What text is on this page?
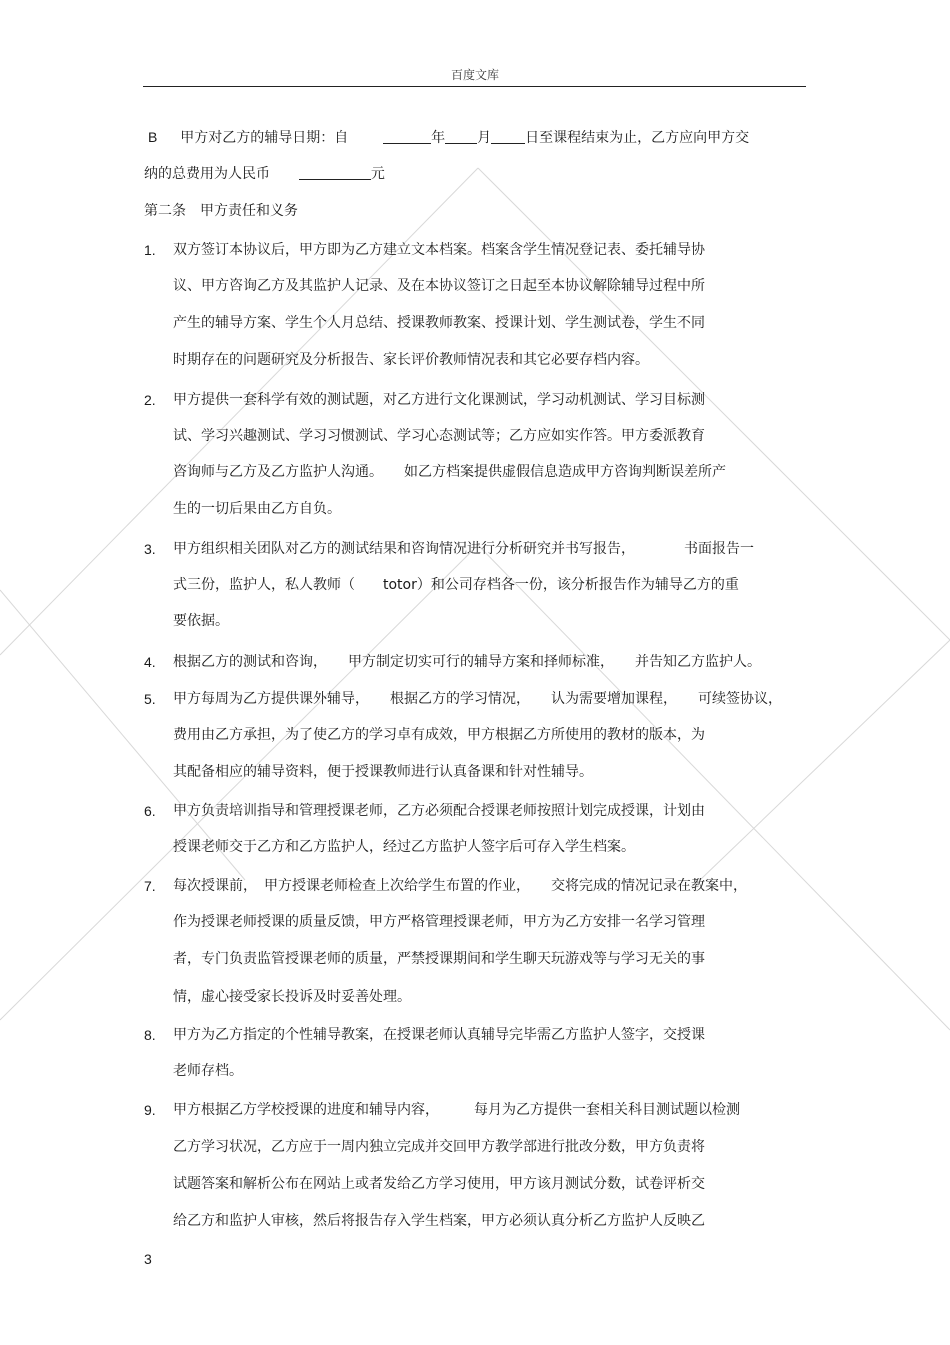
百度文库
B 甲方对乙方的辅导日期：自	年 月 日至课程结束为止，乙方应向甲方交
纳的总费用为人民币	元
第二条　甲方责任和义务
1. 双方签订本协议后，甲方即为乙方建立文本档案。档案含学生情况登记表、委托辅导协
议、甲方咨询乙方及其监护人记录、及在本协议签订之日起至本协议解除辅导过程中所
产生的辅导方案、学生个人月总结、授课教师教案、授课计划、学生测试卷，学生不同
时期存在的问题研究及分析报告、家长评价教师情况表和其它必要存档内容。
2. 甲方提供一套科学有效的测试题，对乙方进行文化课测试，学习动机测试、学习目标测
试、学习兴趣测试、学习习惯测试、学习心态测试等；乙方应如实作答。甲方委派教育
咨询师与乙方及乙方监护人沟通。　　如乙方档案提供虚假信息造成甲方咨询判断误差所产
生的一切后果由乙方自负。
3. 甲方组织相关团队对乙方的测试结果和咨询情况进行分析研究并书写报告，　　　　书面报告一
式三份，监护人，私人教师（　　totor）和公司存档各一份，该分析报告作为辅导乙方的重
要依据。
4. 根据乙方的测试和咨询，　　甲方制定切实可行的辅导方案和择师标准，　　并告知乙方监护人。
5. 甲方每周为乙方提供课外辅导，　　根据乙方的学习情况，　　认为需要增加课程，　　可续签协议，
费用由乙方承担，为了使乙方的学习卓有成效，甲方根据乙方所使用的教材的版本，为
其配备相应的辅导资料，便于授课教师进行认真备课和针对性辅导。
6. 甲方负责培训指导和管理授课老师，乙方必须配合授课老师按照计划完成授课，计划由
授课老师交于乙方和乙方监护人，经过乙方监护人签字后可存入学生档案。
7. 每次授课前，　甲方授课老师检查上次给学生布置的作业，　　交将完成的情况记录在教案中，
作为授课老师授课的质量反馈，甲方严格管理授课老师，甲方为乙方安排一名学习管理
者，专门负责监管授课老师的质量，严禁授课期间和学生聊天玩游戏等与学习无关的事
情，虚心接受家长投诉及时妥善处理。
8. 甲方为乙方指定的个性辅导教案，在授课老师认真辅导完毕需乙方监护人签字，交授课
老师存档。
9. 甲方根据乙方学校授课的进度和辅导内容，　　　每月为乙方提供一套相关科目测试题以检测
乙方学习状况，乙方应于一周内独立完成并交回甲方教学部进行批改分数，甲方负责将
试题答案和解析公布在网站上或者发给乙方学习使用，甲方该月测试分数，试卷评析交
给乙方和监护人审核，然后将报告存入学生档案，甲方必须认真分析乙方监护人反映乙
3
